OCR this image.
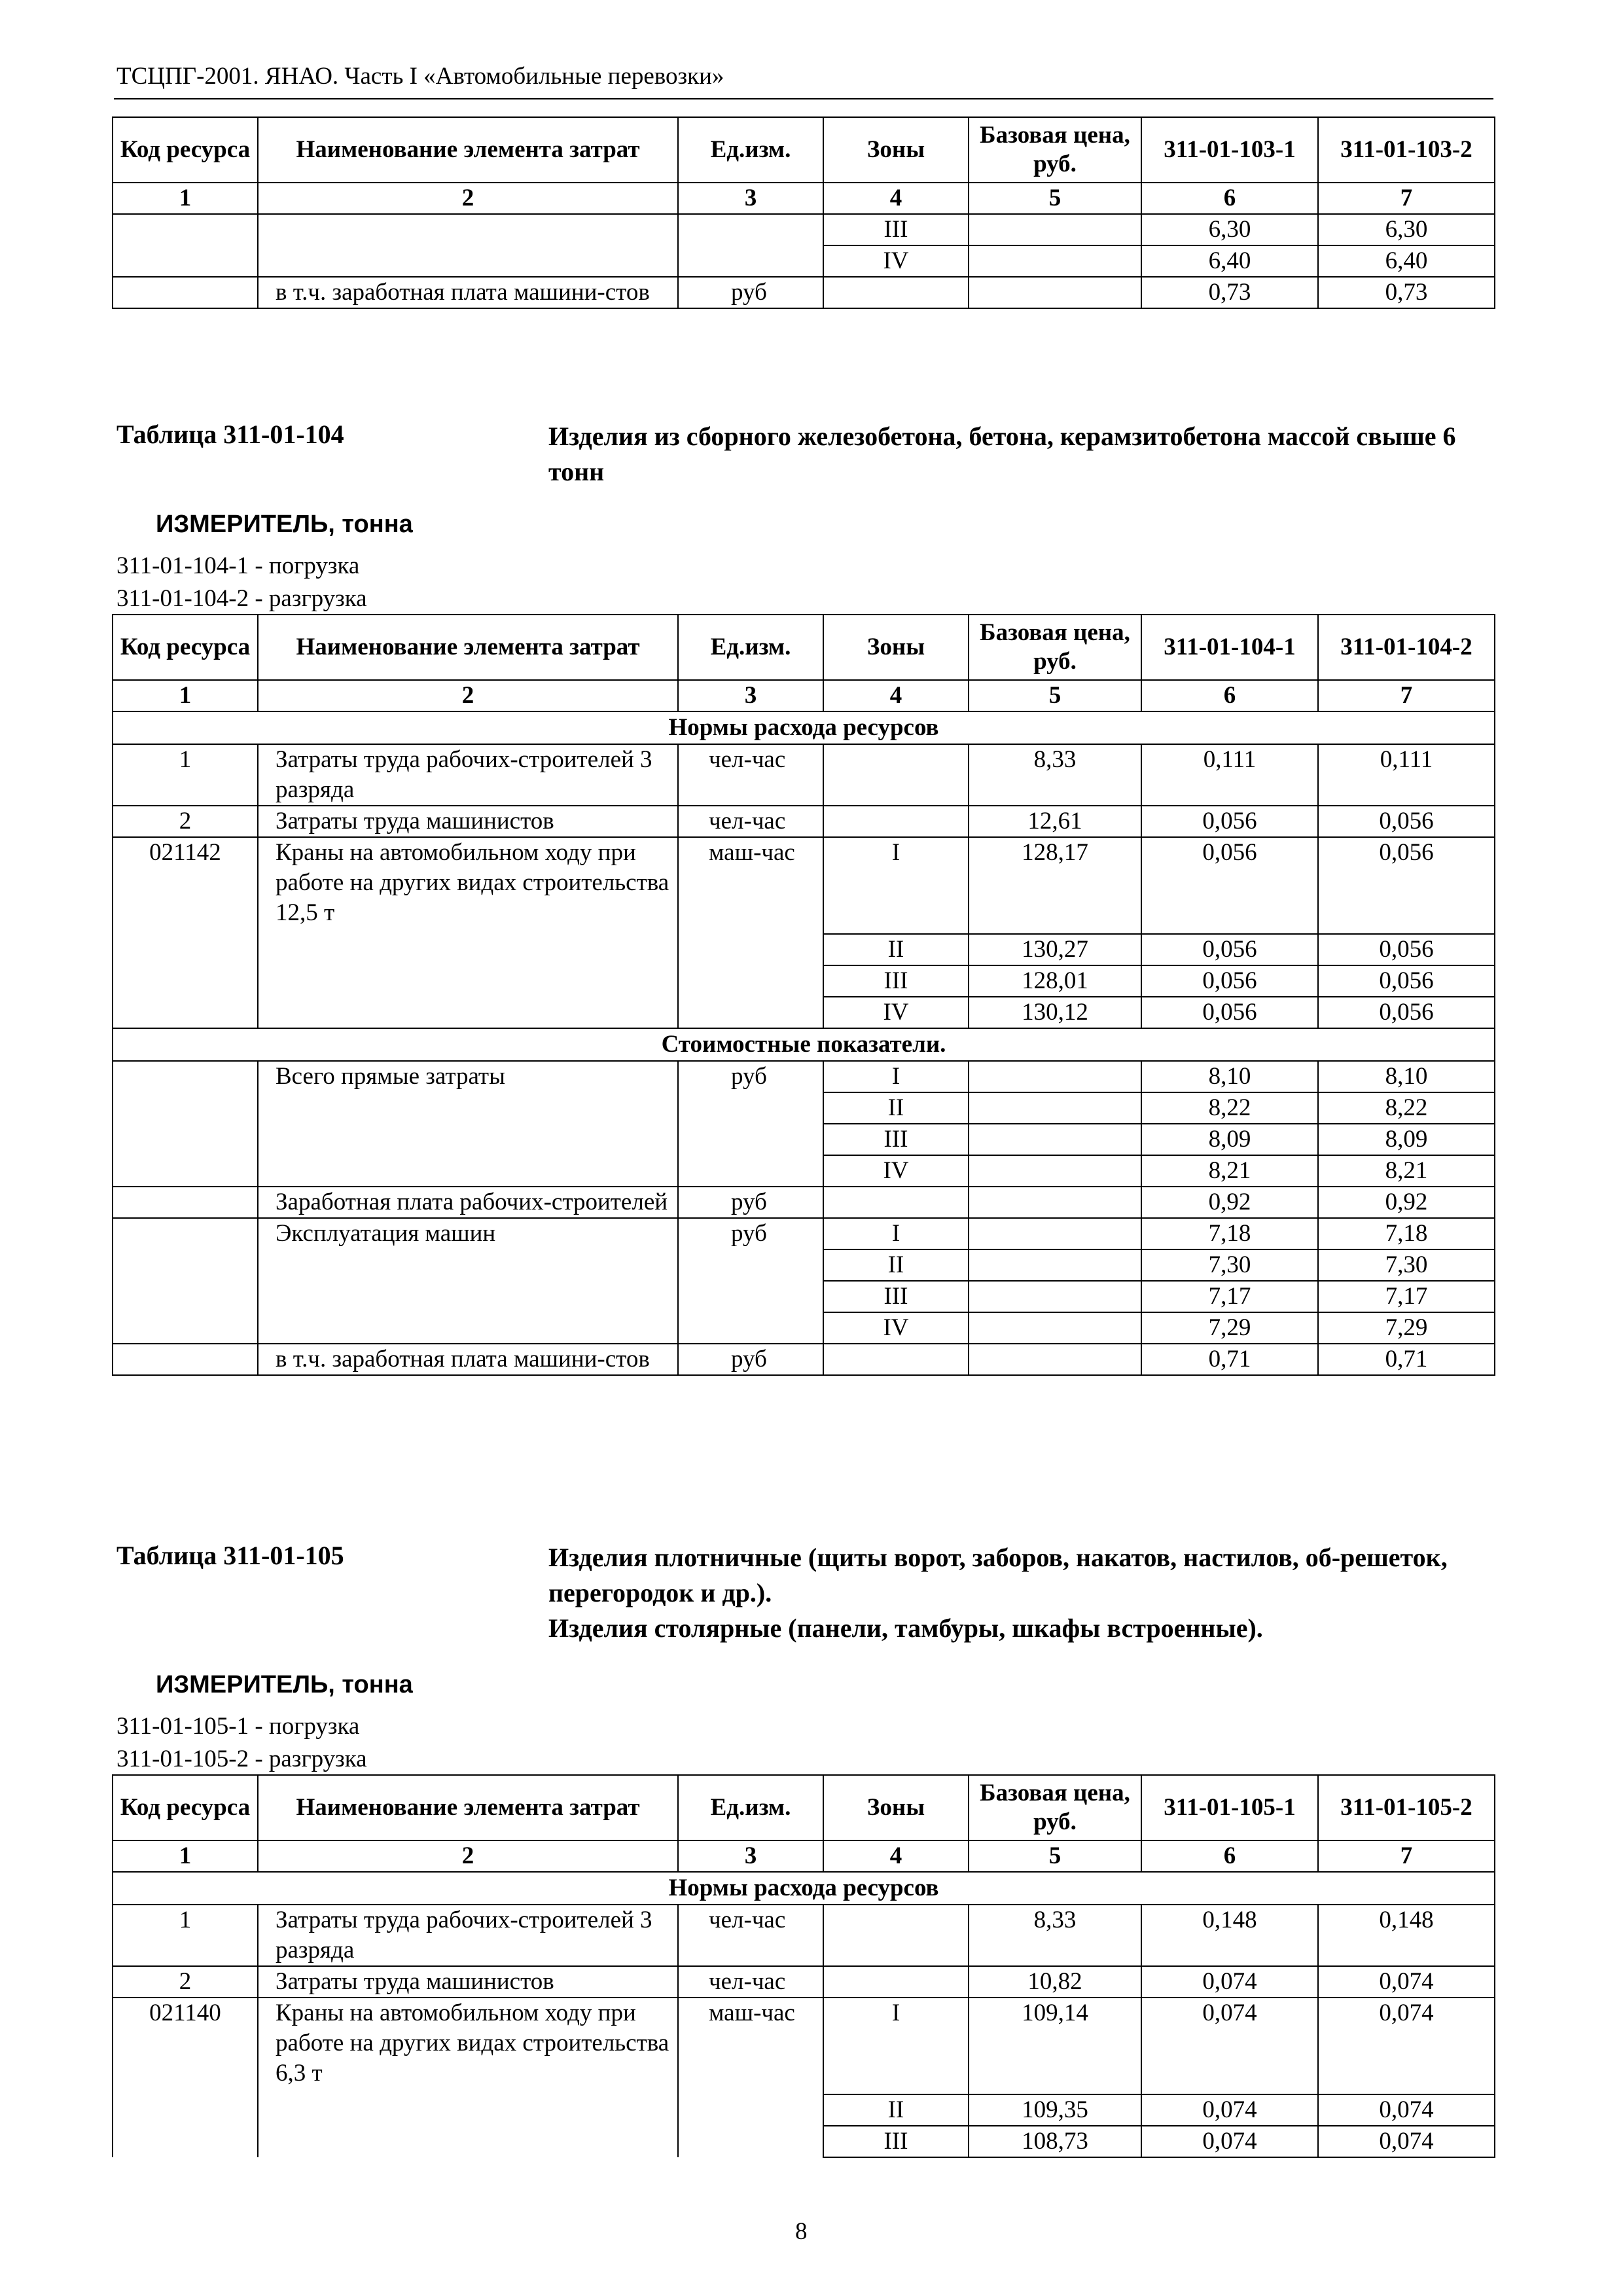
ТСЦПГ-2001. ЯНАО. Часть I «Автомобильные перевозки»
Код ресурса	Наименование элемента затрат	Ед.изм.	Зоны	Базовая цена, руб.	311-01-103-1	311-01-103-2
1	2	3	4	5	6	7
			III		6,30	6,30
			IV		6,40	6,40
	в т.ч. заработная плата машини-стов	руб			0,73	0,73
Таблица 311-01-104	Изделия из сборного железобетона, бетона, керамзитобетона массой свыше 6 тонн
ИЗМЕРИТЕЛЬ, тонна
311-01-104-1 - погрузка
311-01-104-2 - разгрузка
Код ресурса	Наименование элемента затрат	Ед.изм.	Зоны	Базовая цена, руб.	311-01-104-1	311-01-104-2
1	2	3	4	5	6	7
Нормы расхода ресурсов						
1	Затраты труда рабочих-строителей 3 разряда	чел-час		8,33	0,111	0,111
2	Затраты труда машинистов	чел-час		12,61	0,056	0,056
021142	Краны на автомобильном ходу при работе на других видах строительства 12,5 т	маш-час	I	128,17	0,056	0,056
			II	130,27	0,056	0,056
			III	128,01	0,056	0,056
			IV	130,12	0,056	0,056
Стоимостные показатели.						
	Всего прямые затраты	руб	I		8,10	8,10
			II		8,22	8,22
			III		8,09	8,09
			IV		8,21	8,21
	Заработная плата рабочих-строителей	руб			0,92	0,92
	Эксплуатация машин	руб	I		7,18	7,18
			II		7,30	7,30
			III		7,17	7,17
			IV		7,29	7,29
	в т.ч. заработная плата машини-стов	руб			0,71	0,71
Таблица 311-01-105	Изделия плотничные (щиты ворот, заборов, накатов, настилов, об-решеток, перегородок и др.).
Изделия столярные (панели, тамбуры, шкафы встроенные).
ИЗМЕРИТЕЛЬ, тонна
311-01-105-1 - погрузка
311-01-105-2 - разгрузка
Код ресурса	Наименование элемента затрат	Ед.изм.	Зоны	Базовая цена, руб.	311-01-105-1	311-01-105-2
1	2	3	4	5	6	7
Нормы расхода ресурсов						
1	Затраты труда рабочих-строителей 3 разряда	чел-час		8,33	0,148	0,148
2	Затраты труда машинистов	чел-час		10,82	0,074	0,074
021140	Краны на автомобильном ходу при работе на других видах строительства 6,3 т	маш-час	I	109,14	0,074	0,074
			II	109,35	0,074	0,074
			III	108,73	0,074	0,074
8
